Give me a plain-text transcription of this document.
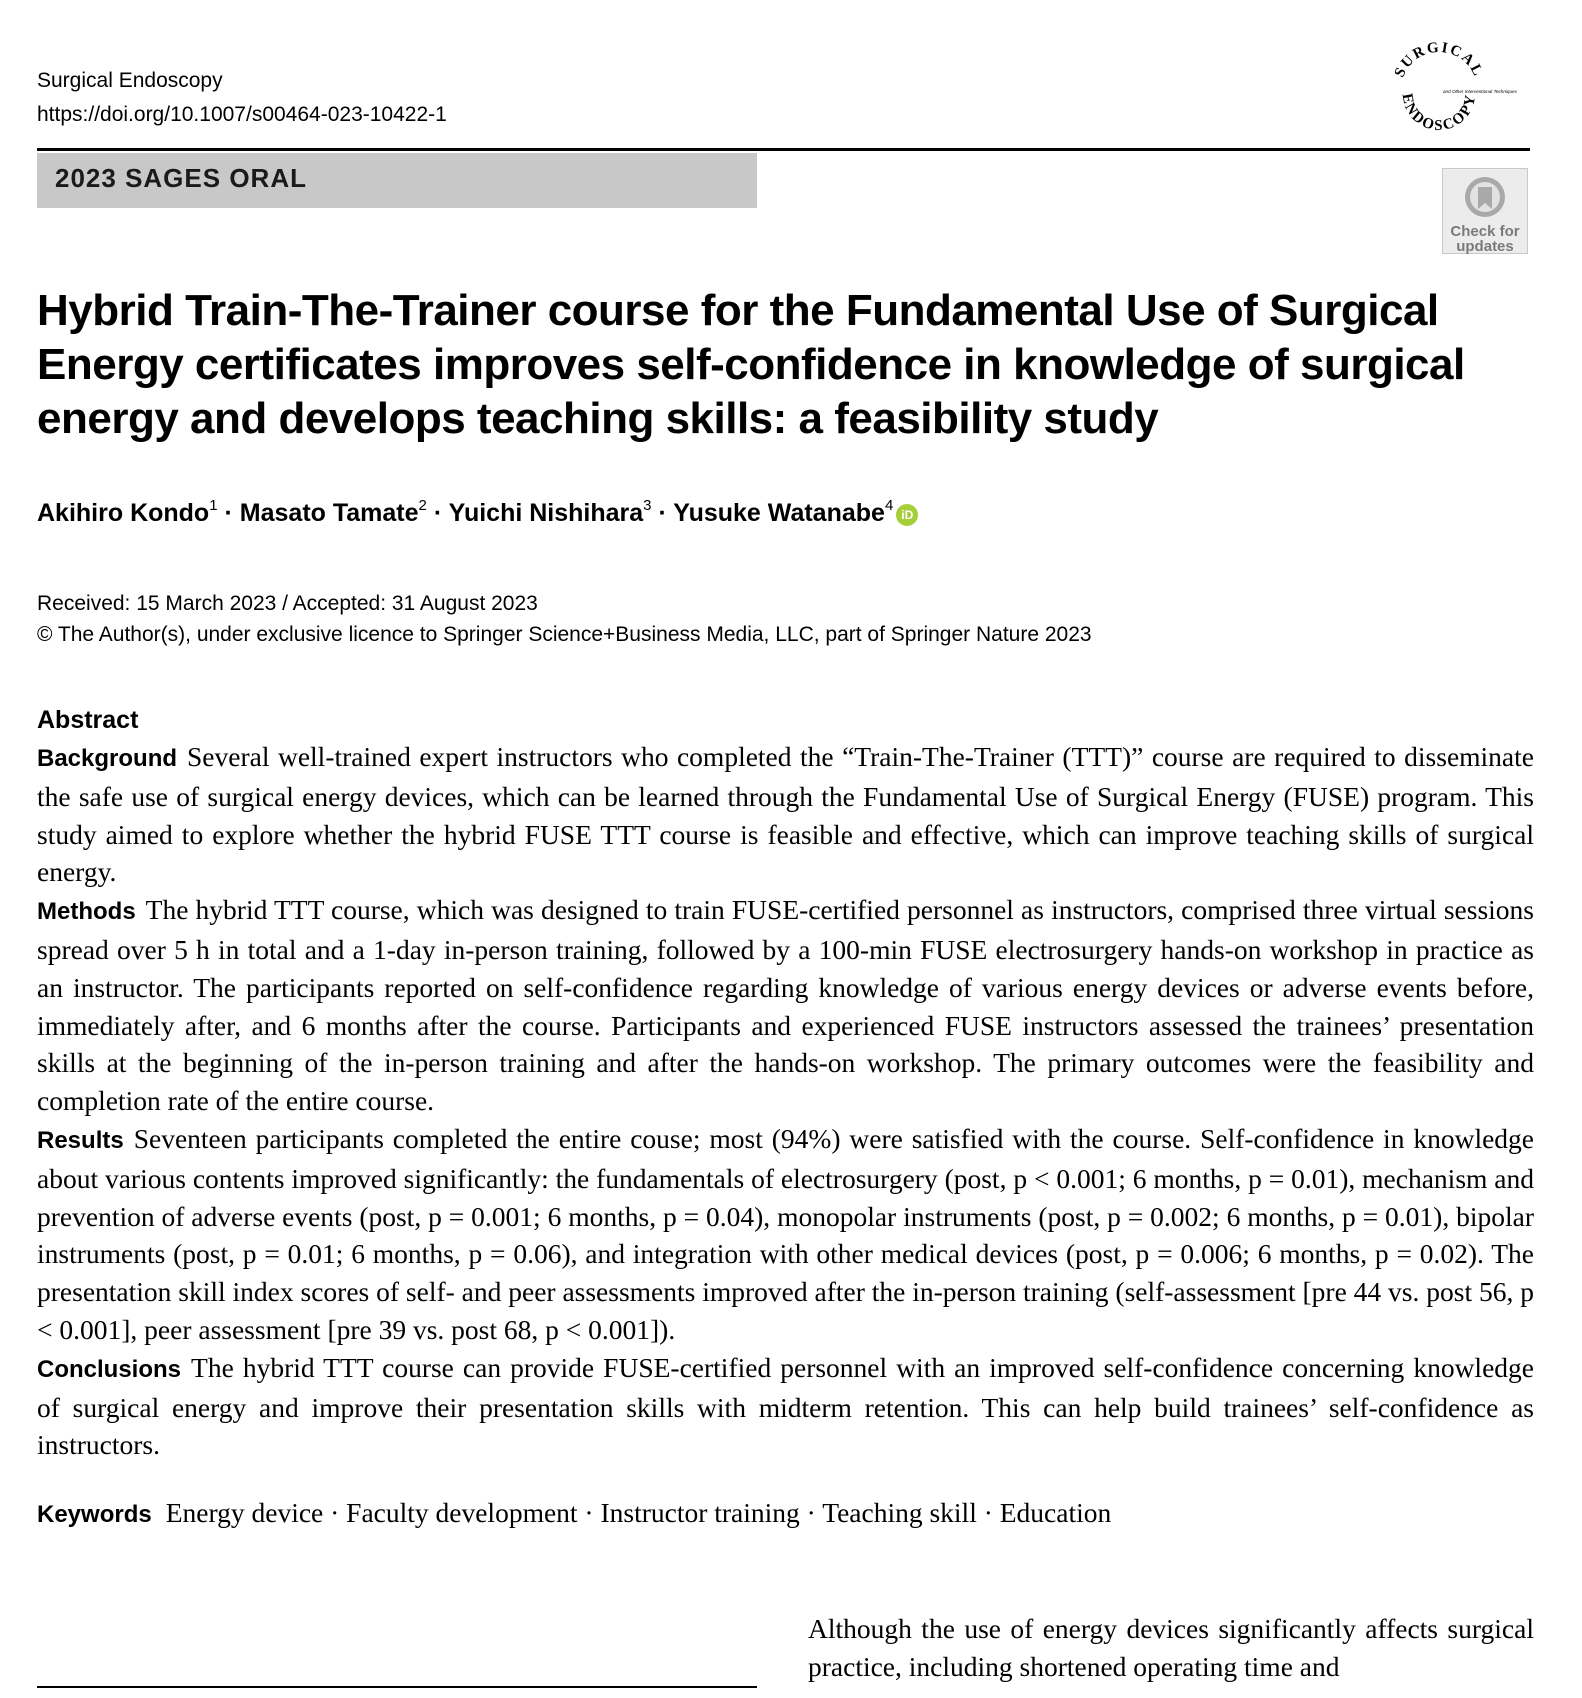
Surgical Endoscopy
https://doi.org/10.1007/s00464-023-10422-1
SURGICAL
ENDOSCOPY
and Other Interventional Techniques
2023 SAGES ORAL
Check for
updates
Hybrid Train-The-Trainer course for the Fundamental Use of Surgical Energy certificates improves self-confidence in knowledge of surgical energy and develops teaching skills: a feasibility study
Akihiro Kondo$^1$ · Masato Tamate$^2$ · Yuichi Nishihara$^3$ · Yusuke Watanabe$^4$iD
Received: 15 March 2023 / Accepted: 31 August 2023
© The Author(s), under exclusive licence to Springer Science+Business Media, LLC, part of Springer Nature 2023
Abstract

Background Several well-trained expert instructors who completed the “Train-The-Trainer (TTT)” course are required to disseminate the safe use of surgical energy devices, which can be learned through the Fundamental Use of Surgical Energy (FUSE) program. This study aimed to explore whether the hybrid FUSE TTT course is feasible and effective, which can improve teaching skills of surgical energy.

Methods The hybrid TTT course, which was designed to train FUSE-certified personnel as instructors, comprised three virtual sessions spread over 5 h in total and a 1-day in-person training, followed by a 100-min FUSE electrosurgery hands-on workshop in practice as an instructor. The participants reported on self-confidence regarding knowledge of various energy devices or adverse events before, immediately after, and 6 months after the course. Participants and experienced FUSE instructors assessed the trainees’ presentation skills at the beginning of the in-person training and after the hands-on workshop. The primary outcomes were the feasibility and completion rate of the entire course.

Results Seventeen participants completed the entire couse; most (94%) were satisfied with the course. Self-confidence in knowledge about various contents improved significantly: the fundamentals of electrosurgery (post, p < 0.001; 6 months, p = 0.01), mechanism and prevention of adverse events (post, p = 0.001; 6 months, p = 0.04), monopolar instruments (post, p = 0.002; 6 months, p = 0.01), bipolar instruments (post, p = 0.01; 6 months, p = 0.06), and integration with other medical devices (post, p = 0.006; 6 months, p = 0.02). The presentation skill index scores of self- and peer assessments improved after the in-person training (self-assessment [pre 44 vs. post 56, p < 0.001], peer assessment [pre 39 vs. post 68, p < 0.001]).

Conclusions The hybrid TTT course can provide FUSE-certified personnel with an improved self-confidence concerning knowledge of surgical energy and improve their presentation skills with midterm retention. This can help build trainees’ self-confidence as instructors.

Keywords Energy device · Faculty development · Instructor training · Teaching skill · Education

Although the use of energy devices significantly affects surgical practice, including shortened operating time and
